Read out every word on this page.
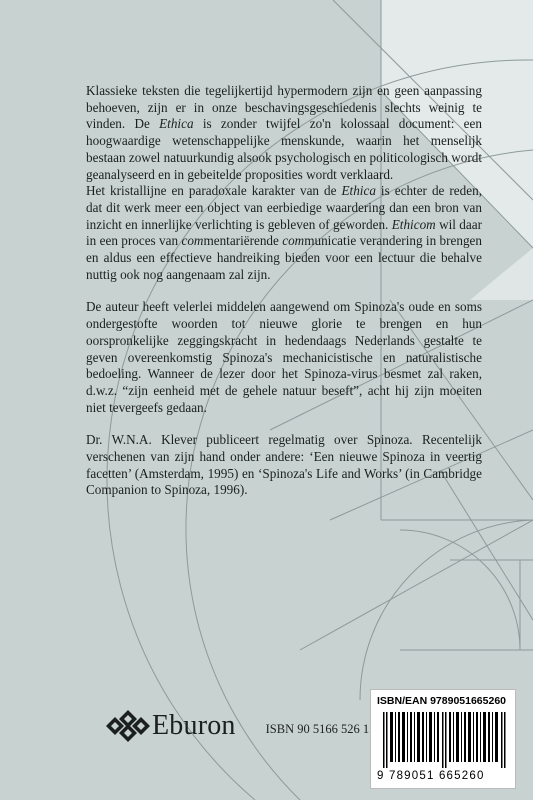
Klassieke teksten die tegelijkertijd hypermodern zijn en geen aanpassing behoeven, zijn er in onze beschavingsgeschiedenis slechts weinig te vinden. De Ethica is zonder twijfel zo'n kolossaal document: een hoogwaardige wetenschappelijke menskunde, waarin het menselijk bestaan zowel natuurkundig alsook psychologisch en politicologisch wordt geanalyseerd en in gebeitelde proposities wordt verklaard.

Het kristallijne en paradoxale karakter van de Ethica is echter de reden, dat dit werk meer een object van eerbiedige waardering dan een bron van inzicht en innerlijke verlichting is gebleven of geworden. Ethicom wil daar in een proces van commentariërende communicatie verandering in brengen en aldus een effectieve handreiking bieden voor een lectuur die behalve nuttig ook nog aangenaam zal zijn.

De auteur heeft velerlei middelen aangewend om Spinoza's oude en soms ondergestofte woorden tot nieuwe glorie te brengen en hun oorspronkelijke zeggingskracht in hedendaags Nederlands gestalte te geven overeenkomstig Spinoza's mechanicistische en naturalistische bedoeling. Wanneer de lezer door het Spinoza-virus besmet zal raken, d.w.z. “zijn eenheid met de gehele natuur beseft”, acht hij zijn moeiten niet tevergeefs gedaan.

Dr. W.N.A. Klever publiceert regelmatig over Spinoza. Recentelijk verschenen van zijn hand onder andere: ‘Een nieuwe Spinoza in veertig facetten’ (Amsterdam, 1995) en ‘Spinoza's Life and Works’ (in Cambridge Companion to Spinoza, 1996).

Eburon ISBN 90 5166 526 1
ISBN/EAN 9789051665260
9 789051 665260
